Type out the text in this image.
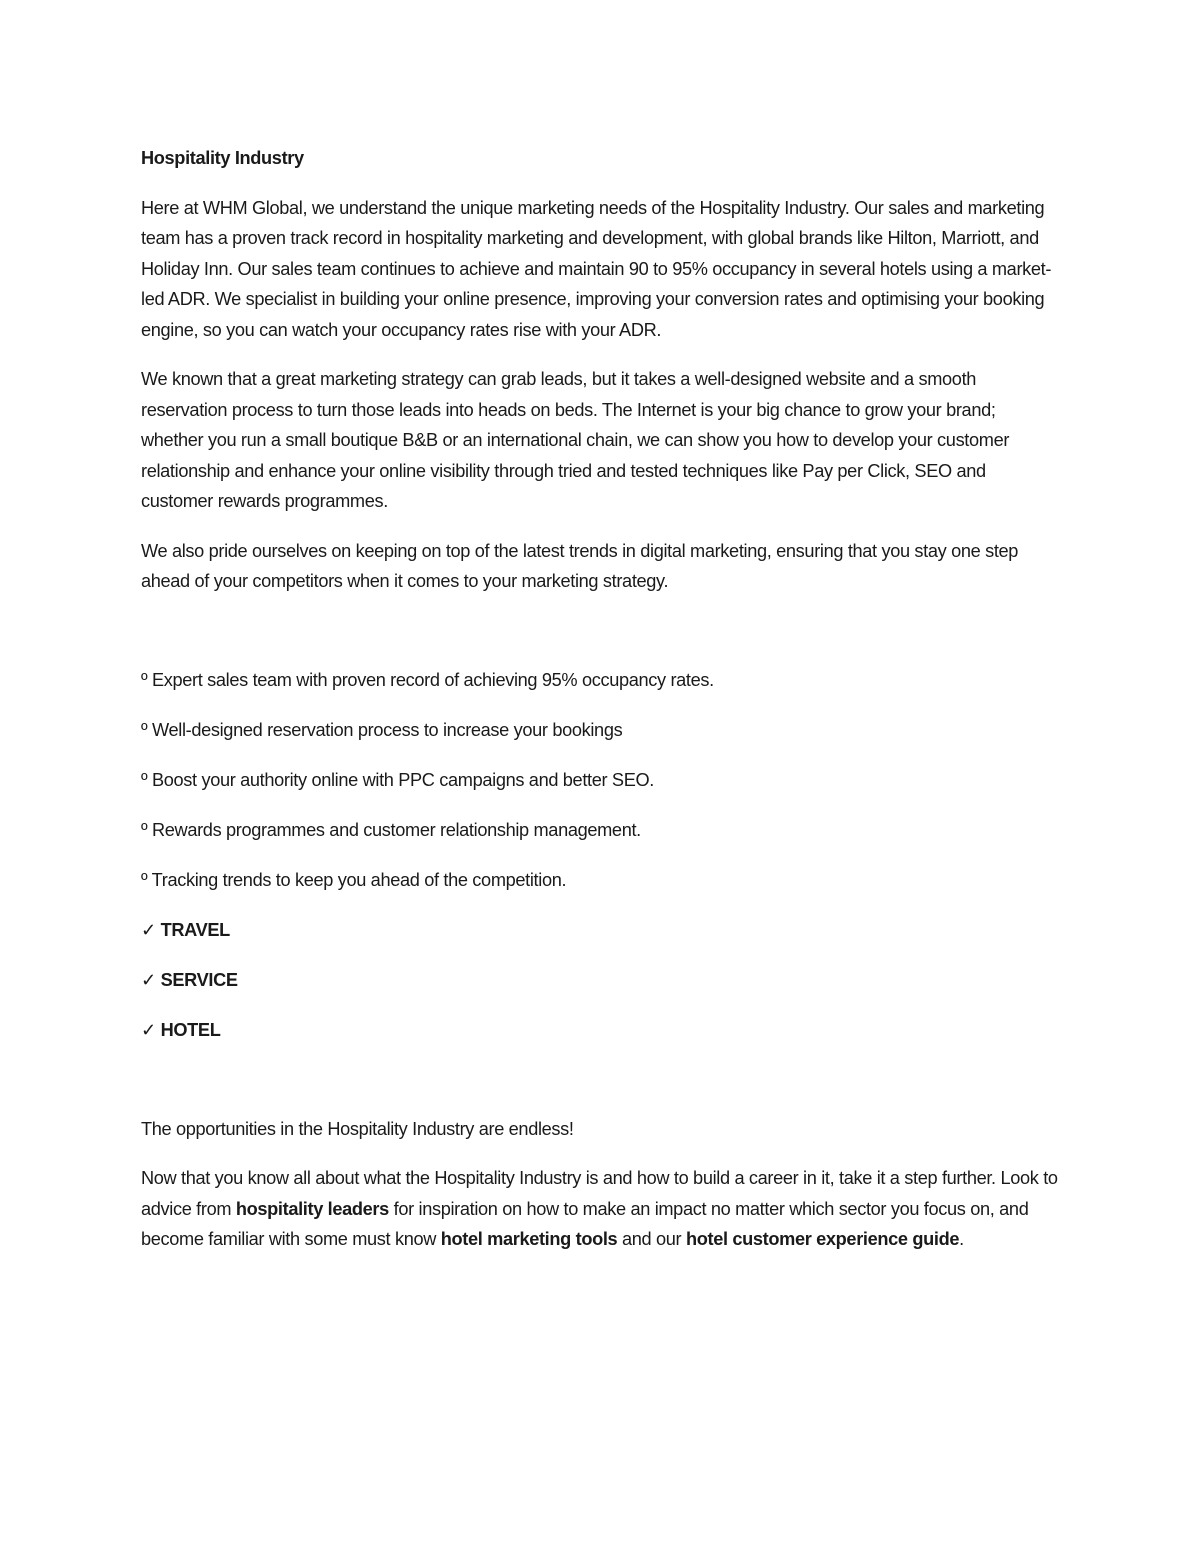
Hospitality Industry

Here at WHM Global, we understand the unique marketing needs of the Hospitality Industry. Our sales and marketing team has a proven track record in hospitality marketing and development, with global brands like Hilton, Marriott, and Holiday Inn. Our sales team continues to achieve and maintain 90 to 95% occupancy in several hotels using a market-led ADR. We specialist in building your online presence, improving your conversion rates and optimising your booking engine, so you can watch your occupancy rates rise with your ADR.

We known that a great marketing strategy can grab leads, but it takes a well-designed website and a smooth reservation process to turn those leads into heads on beds. The Internet is your big chance to grow your brand; whether you run a small boutique B&B or an international chain, we can show you how to develop your customer relationship and enhance your online visibility through tried and tested techniques like Pay per Click, SEO and customer rewards programmes.

We also pride ourselves on keeping on top of the latest trends in digital marketing, ensuring that you stay one step ahead of your competitors when it comes to your marketing strategy.

º Expert sales team with proven record of achieving 95% occupancy rates.

º Well-designed reservation process to increase your bookings

º Boost your authority online with PPC campaigns and better SEO.

º Rewards programmes and customer relationship management.

º Tracking trends to keep you ahead of the competition.

✓ TRAVEL

✓ SERVICE

✓ HOTEL

The opportunities in the Hospitality Industry are endless!

Now that you know all about what the Hospitality Industry is and how to build a career in it, take it a step further. Look to advice from hospitality leaders for inspiration on how to make an impact no matter which sector you focus on, and become familiar with some must know hotel marketing tools and our hotel customer experience guide.
